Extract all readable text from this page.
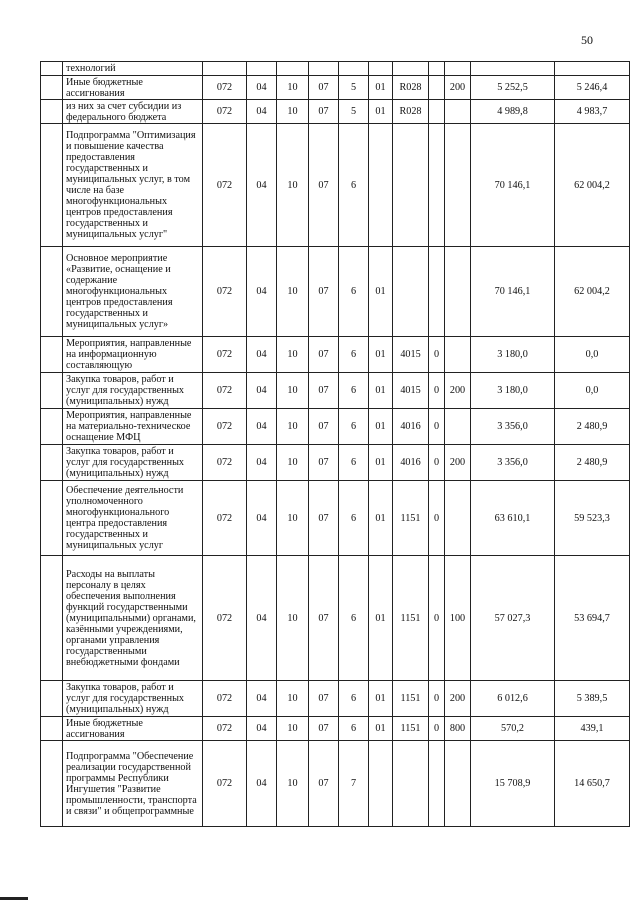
50
	технологий											
	Иные бюджетные ассигнования	072	04	10	07	5	01	R028		200	5 252,5	5 246,4
	из них за счет субсидии из федерального бюджета	072	04	10	07	5	01	R028			4 989,8	4 983,7
	Подпрограмма "Оптимизация и повышение качества предоставления государственных и муниципальных услуг, в том числе на базе многофункциональных центров предоставления государственных и муниципальных услуг"	072	04	10	07	6					70 146,1	62 004,2
	Основное мероприятие «Развитие, оснащение и содержание многофункциональных центров предоставления государственных и муниципальных услуг»	072	04	10	07	6	01				70 146,1	62 004,2
	Мероприятия, направленные на информационную составляющую	072	04	10	07	6	01	4015	0		3 180,0	0,0
	Закупка товаров, работ и услуг для государственных (муниципальных) нужд	072	04	10	07	6	01	4015	0	200	3 180,0	0,0
	Мероприятия, направленные на материально-техническое оснащение МФЦ	072	04	10	07	6	01	4016	0		3 356,0	2 480,9
	Закупка товаров, работ и услуг для государственных (муниципальных) нужд	072	04	10	07	6	01	4016	0	200	3 356,0	2 480,9
	Обеспечение деятельности уполномоченного многофункционального центра предоставления государственных и муниципальных услуг	072	04	10	07	6	01	1151	0		63 610,1	59 523,3
	Расходы на выплаты персоналу в целях обеспечения выполнения функций государственными (муниципальными) органами, казёнными учреждениями, органами управления государственными внебюджетными фондами	072	04	10	07	6	01	1151	0	100	57 027,3	53 694,7
	Закупка товаров, работ и услуг для государственных (муниципальных) нужд	072	04	10	07	6	01	1151	0	200	6 012,6	5 389,5
	Иные бюджетные ассигнования	072	04	10	07	6	01	1151	0	800	570,2	439,1
	Подпрограмма "Обеспечение реализации государственной программы Республики Ингушетия "Развитие промышленности, транспорта и связи" и общепрограммные	072	04	10	07	7					15 708,9	14 650,7
